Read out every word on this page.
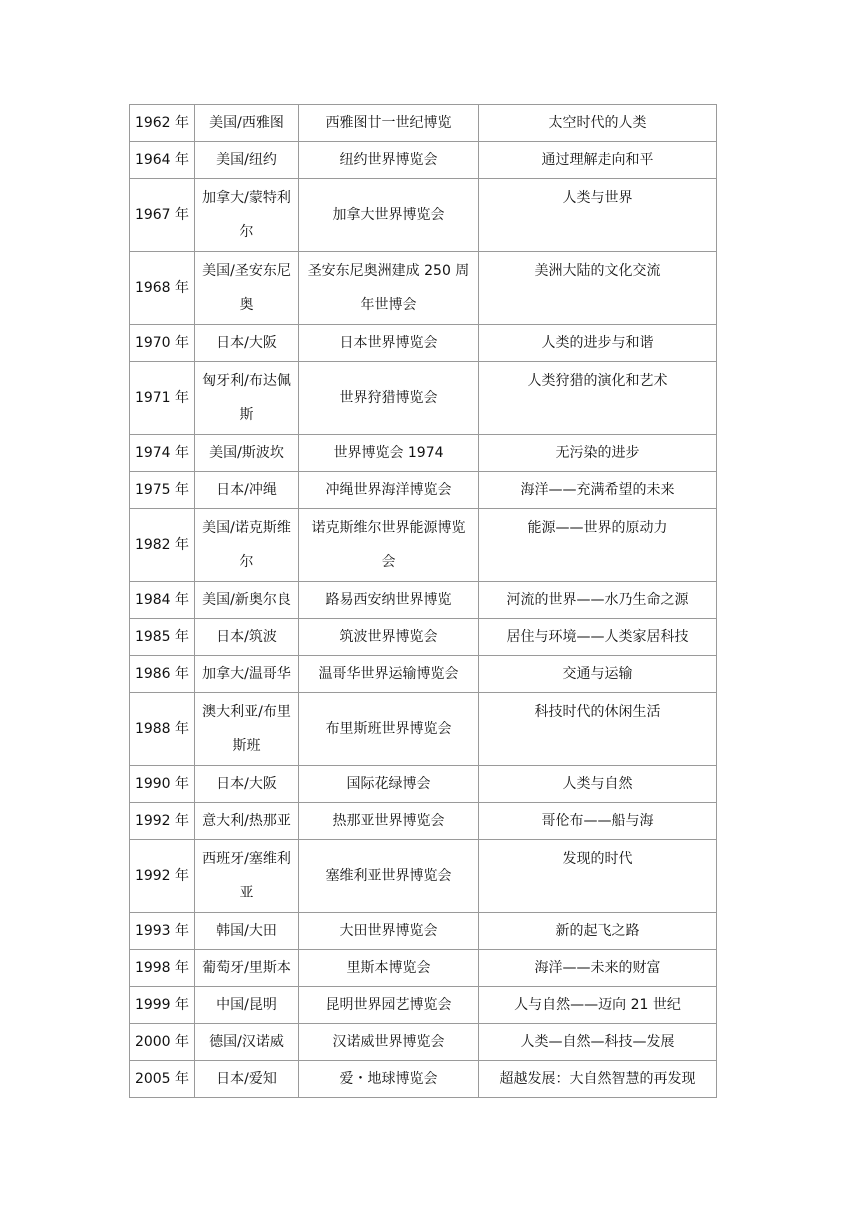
1962 年	美国/西雅图	西雅图廿一世纪博览	太空时代的人类
1964 年	美国/纽约	纽约世界博览会	通过理解走向和平
1967 年	加拿大/蒙特利尔	加拿大世界博览会	人类与世界
1968 年	美国/圣安东尼奥	圣安东尼奥洲建成 250 周年世博会	美洲大陆的文化交流
1970 年	日本/大阪	日本世界博览会	人类的进步与和谐
1971 年	匈牙利/布达佩斯	世界狩猎博览会	人类狩猎的演化和艺术
1974 年	美国/斯波坎	世界博览会 1974	无污染的进步
1975 年	日本/冲绳	冲绳世界海洋博览会	海洋——充满希望的未来
1982 年	美国/诺克斯维尔	诺克斯维尔世界能源博览会	能源——世界的原动力
1984 年	美国/新奥尔良	路易西安纳世界博览	河流的世界——水乃生命之源
1985 年	日本/筑波	筑波世界博览会	居住与环境——人类家居科技
1986 年	加拿大/温哥华	温哥华世界运输博览会	交通与运输
1988 年	澳大利亚/布里斯班	布里斯班世界博览会	科技时代的休闲生活
1990 年	日本/大阪	国际花绿博会	人类与自然
1992 年	意大利/热那亚	热那亚世界博览会	哥伦布——船与海
1992 年	西班牙/塞维利亚	塞维利亚世界博览会	发现的时代
1993 年	韩国/大田	大田世界博览会	新的起飞之路
1998 年	葡萄牙/里斯本	里斯本博览会	海洋——未来的财富
1999 年	中国/昆明	昆明世界园艺博览会	人与自然——迈向 21 世纪
2000 年	德国/汉诺威	汉诺威世界博览会	人类—自然—科技—发展
2005 年	日本/爱知	爱・地球博览会	超越发展：大自然智慧的再发现
